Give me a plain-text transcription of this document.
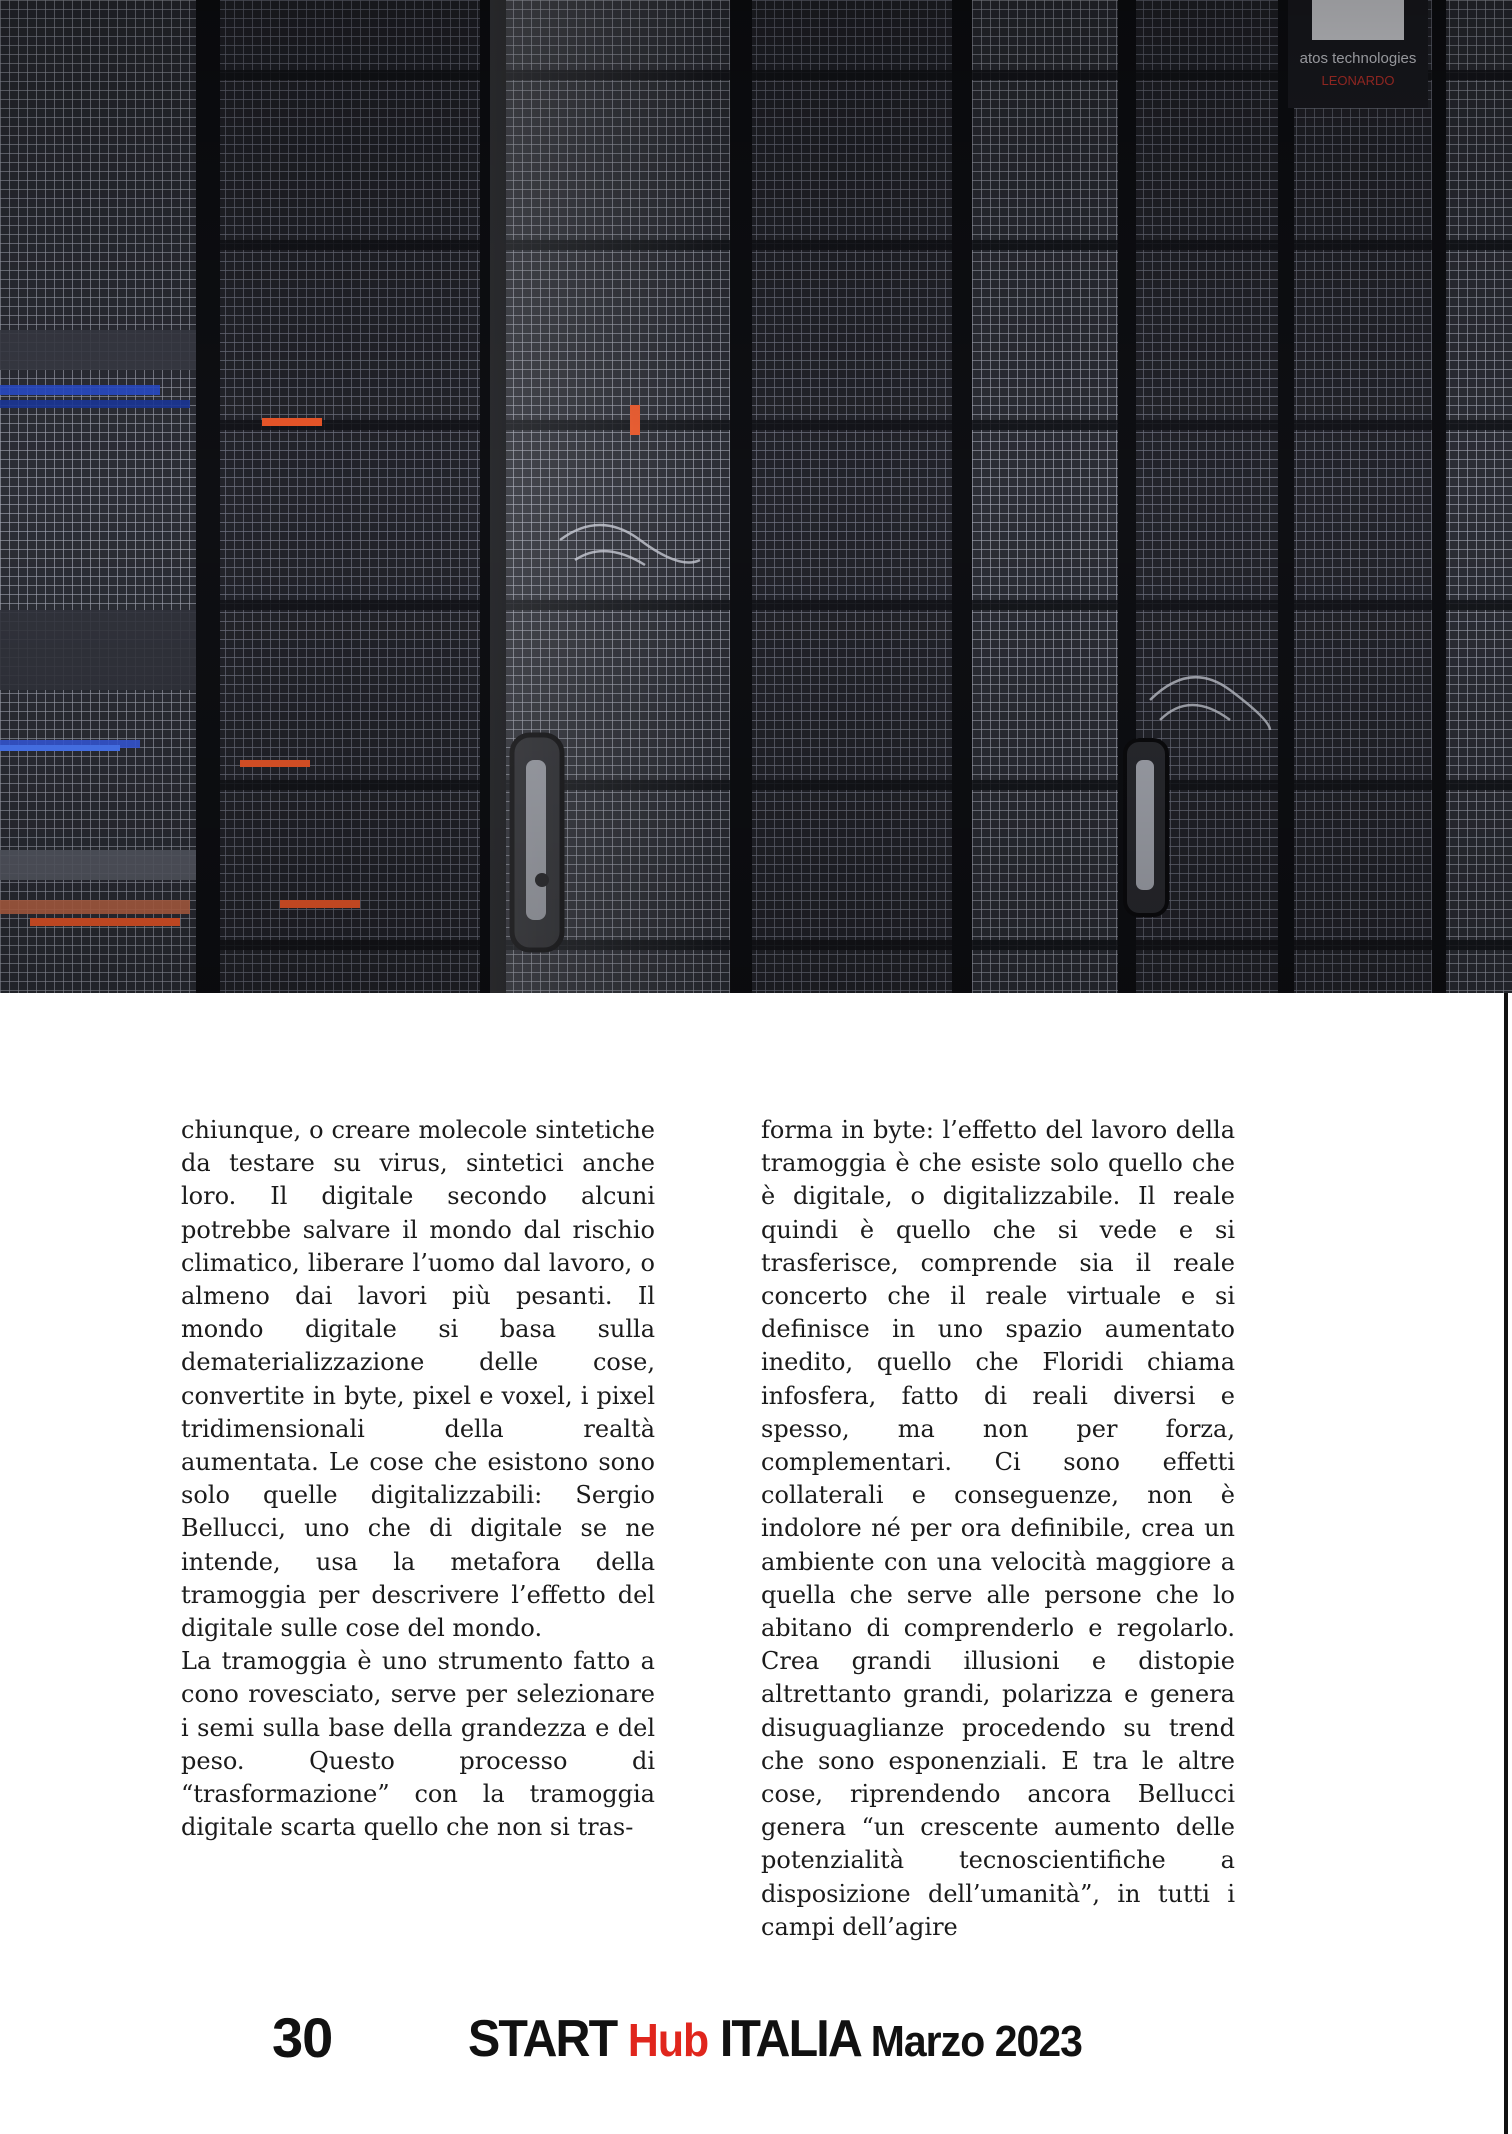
chiunque, o creare molecole sintetiche da testare su virus, sintetici anche loro. Il digitale secondo alcuni potrebbe salvare il mondo dal rischio climatico, liberare l’uomo dal lavoro, o almeno dai lavori più pesanti. Il mondo digitale si basa sulla dematerializzazione delle cose, convertite in byte, pixel e voxel, i pixel tridimensionali della realtà aumentata. Le cose che esistono sono solo quelle digitalizzabili: Sergio Bellucci, uno che di digitale se ne intende, usa la metafora della tramoggia per descrivere l’effetto del digitale sulle cose del mondo.

La tramoggia è uno strumento fatto a cono rovesciato, serve per selezionare i semi sulla base della grandezza e del peso. Questo processo di “trasformazione” con la tramoggia digitale scarta quello che non si tras-

forma in byte: l’effetto del lavoro della tramoggia è che esiste solo quello che è digitale, o digitalizzabile. Il reale quindi è quello che si vede e si trasferisce, comprende sia il reale concerto che il reale virtuale e si definisce in uno spazio aumentato inedito, quello che Floridi chiama infosfera, fatto di reali diversi e spesso, ma non per forza, complementari. Ci sono effetti collaterali e conseguenze, non è indolore né per ora definibile, crea un ambiente con una velocità maggiore a quella che serve alle persone che lo abitano di comprenderlo e regolarlo. Crea grandi illusioni e distopie altrettanto grandi, polarizza e genera disuguaglianze procedendo su trend che sono esponenziali. E tra le altre cose, riprendendo ancora Bellucci genera “un crescente aumento delle potenzialità tecnoscientifiche a disposizione dell’umanità”, in tutti i campi dell’agire

30	START Hub ITALIA Marzo 2023
